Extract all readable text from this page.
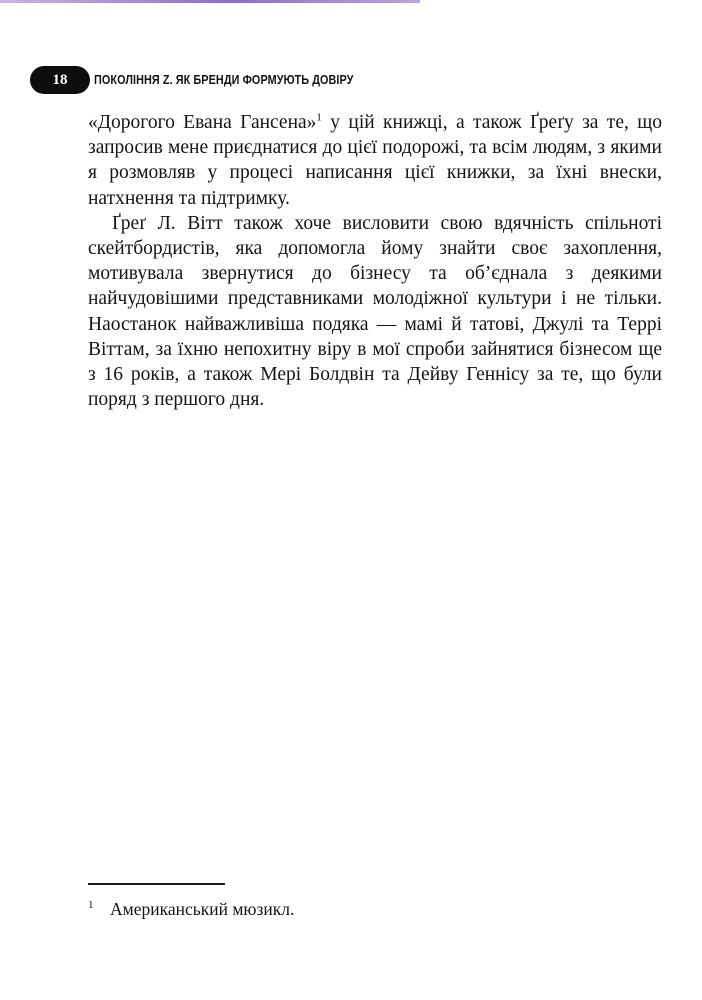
18	ПОКОЛІННЯ Z. ЯК БРЕНДИ ФОРМУЮТЬ ДОВІРУ

«Дорогого Евана Гансена»$^1$ у цій книжці, а також Ґреґу за те, що запросив мене приєднатися до цієї подорожі, та всім людям, з якими я розмовляв у процесі написання цієї книжки, за їхні внески, натхнення та підтримку.

Ґреґ Л. Вітт також хоче висловити свою вдячність спільноті скейтбордистів, яка допомогла йому знайти своє захоплення, мотивувала звернутися до бізнесу та об’єднала з деякими найчудовішими представниками молодіжної культури і не тільки. Наостанок найважливіша подяка — мамі й татові, Джулі та Террі Віттам, за їхню непохитну віру в мої спроби зайнятися бізнесом ще з 16 років, а також Мері Болдвін та Дейву Геннісу за те, що були поряд з першого дня.

1 Американський мюзикл.
